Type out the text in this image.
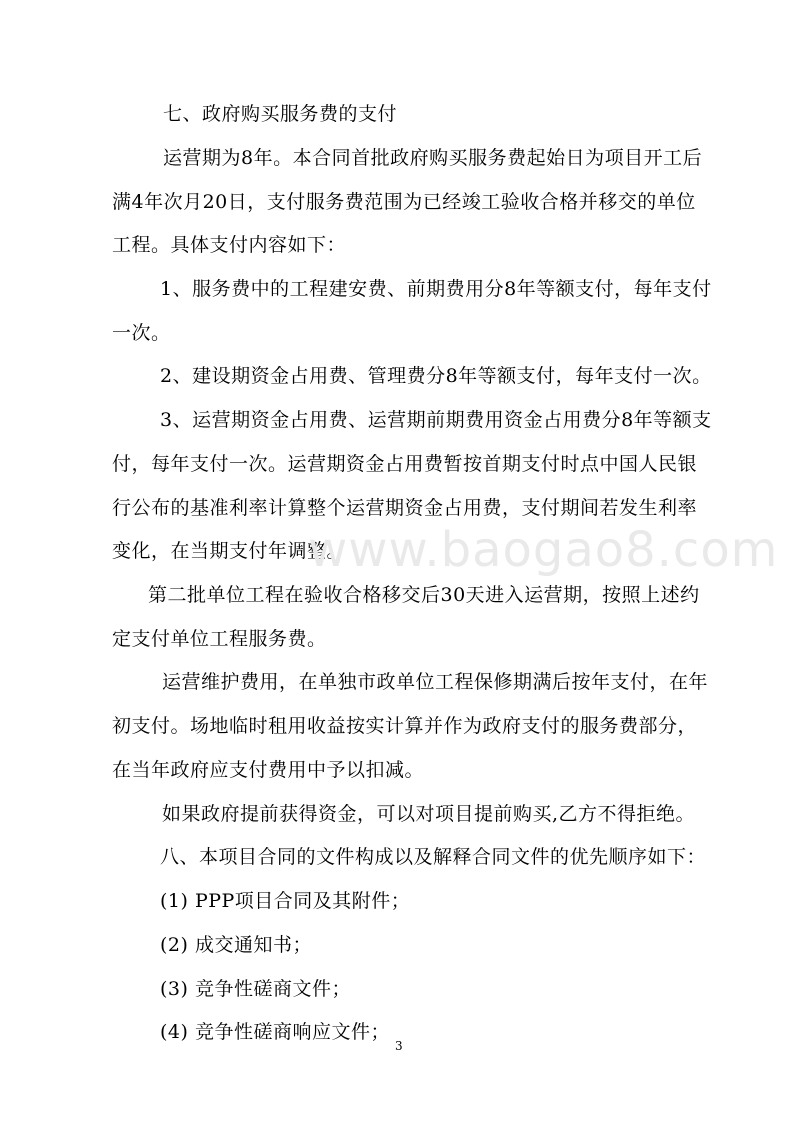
七、政府购买服务费的支付
运营期为8年。本合同首批政府购买服务费起始日为项目开工后
满4年次月20日，支付服务费范围为已经竣工验收合格并移交的单位
工程。具体支付内容如下：
1、服务费中的工程建安费、前期费用分8年等额支付，每年支付
一次。
2、建设期资金占用费、管理费分8年等额支付，每年支付一次。
3、运营期资金占用费、运营期前期费用资金占用费分8年等额支
付，每年支付一次。运营期资金占用费暂按首期支付时点中国人民银
行公布的基准利率计算整个运营期资金占用费，支付期间若发生利率
变化，在当期支付年调整。
www.baogao8.com
第二批单位工程在验收合格移交后30天进入运营期，按照上述约
定支付单位工程服务费。
运营维护费用，在单独市政单位工程保修期满后按年支付，在年
初支付。场地临时租用收益按实计算并作为政府支付的服务费部分，
在当年政府应支付费用中予以扣减。
如果政府提前获得资金，可以对项目提前购买,乙方不得拒绝。
八、本项目合同的文件构成以及解释合同文件的优先顺序如下：
(1) PPP项目合同及其附件；
(2) 成交通知书；
(3) 竞争性磋商文件；
(4) 竞争性磋商响应文件；
3
